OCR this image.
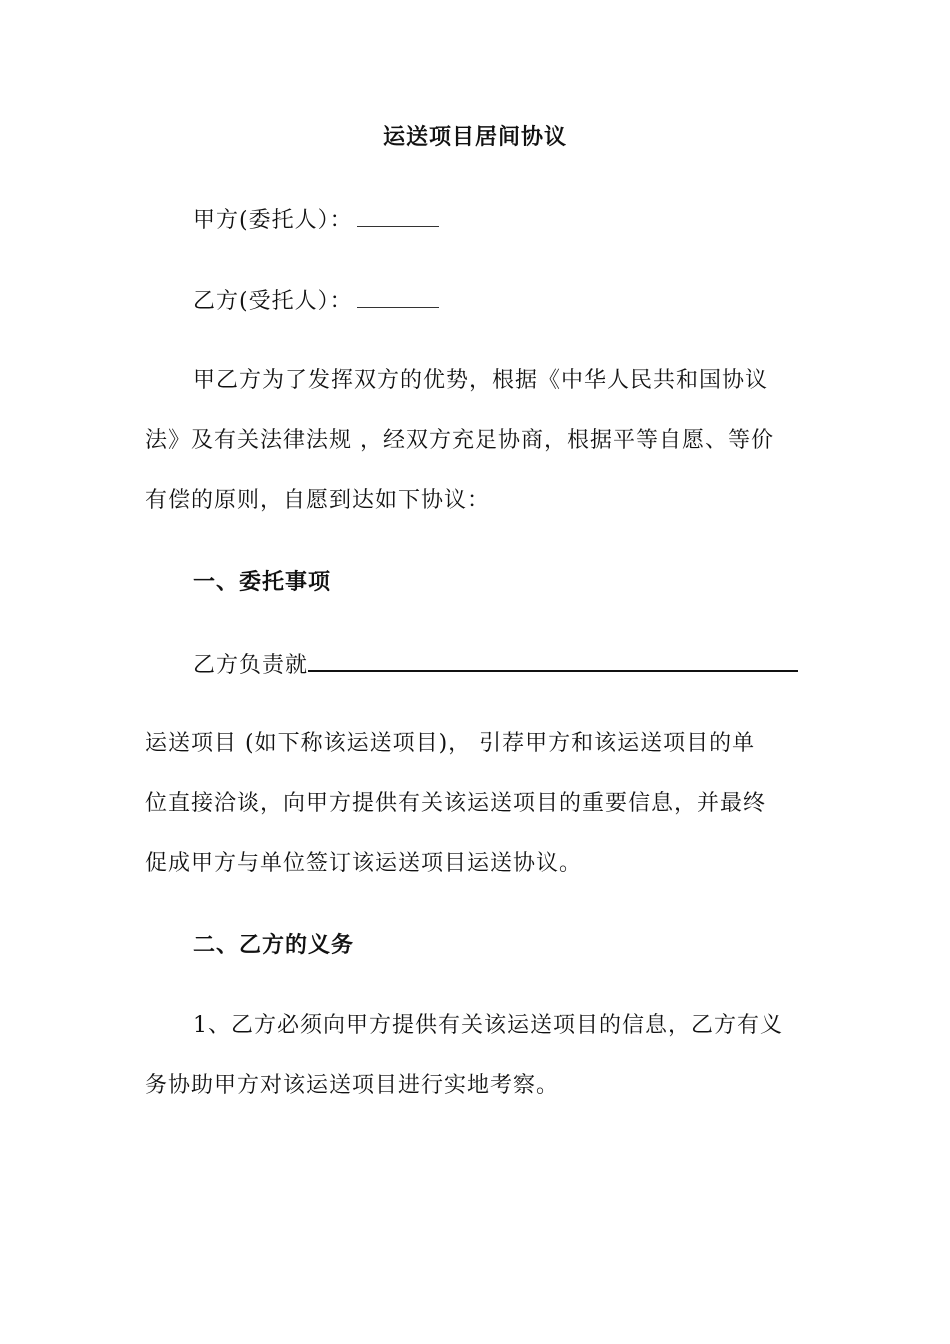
运送项目居间协议
甲方(委托人）：
乙方(受托人）：
甲乙方为了发挥双方的优势，根据《中华人民共和国协议
法》及有关法律法规 ，经双方充足协商，根据平等自愿、等价
有偿的原则，自愿到达如下协议：
一、委托事项
乙方负责就
运送项目 (如下称该运送项目)， 引荐甲方和该运送项目的单
位直接洽谈，向甲方提供有关该运送项目的重要信息，并最终
促成甲方与单位签订该运送项目运送协议。
二、乙方的义务
1、乙方必须向甲方提供有关该运送项目的信息，乙方有义
务协助甲方对该运送项目进行实地考察。
